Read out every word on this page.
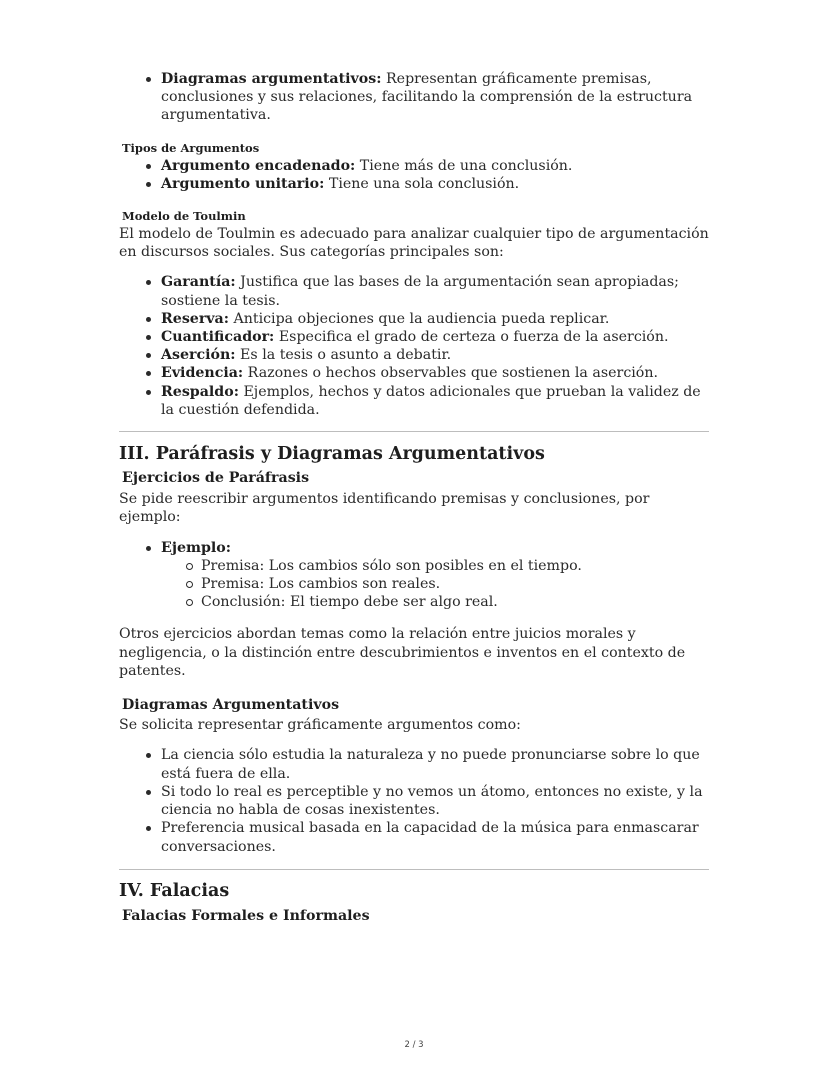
Diagramas argumentativos: Representan gráficamente premisas, conclusiones y sus relaciones, facilitando la comprensión de la estructura argumentativa.
Tipos de Argumentos
Argumento encadenado: Tiene más de una conclusión.
Argumento unitario: Tiene una sola conclusión.
Modelo de Toulmin

El modelo de Toulmin es adecuado para analizar cualquier tipo de argumentación en discursos sociales. Sus categorías principales son:

Garantía: Justifica que las bases de la argumentación sean apropiadas; sostiene la tesis.
Reserva: Anticipa objeciones que la audiencia pueda replicar.
Cuantificador: Especifica el grado de certeza o fuerza de la aserción.
Aserción: Es la tesis o asunto a debatir.
Evidencia: Razones o hechos observables que sostienen la aserción.
Respaldo: Ejemplos, hechos y datos adicionales que prueban la validez de la cuestión defendida.
III. Paráfrasis y Diagramas Argumentativos
Ejercicios de Paráfrasis

Se pide reescribir argumentos identificando premisas y conclusiones, por ejemplo:

Ejemplo:
Premisa: Los cambios sólo son posibles en el tiempo.
Premisa: Los cambios son reales.
Conclusión: El tiempo debe ser algo real.

Otros ejercicios abordan temas como la relación entre juicios morales y negligencia, o la distinción entre descubrimientos e inventos en el contexto de patentes.

Diagramas Argumentativos

Se solicita representar gráficamente argumentos como:

La ciencia sólo estudia la naturaleza y no puede pronunciarse sobre lo que está fuera de ella.
Si todo lo real es perceptible y no vemos un átomo, entonces no existe, y la ciencia no habla de cosas inexistentes.
Preferencia musical basada en la capacidad de la música para enmascarar conversaciones.
IV. Falacias
Falacias Formales e Informales
2 / 3
